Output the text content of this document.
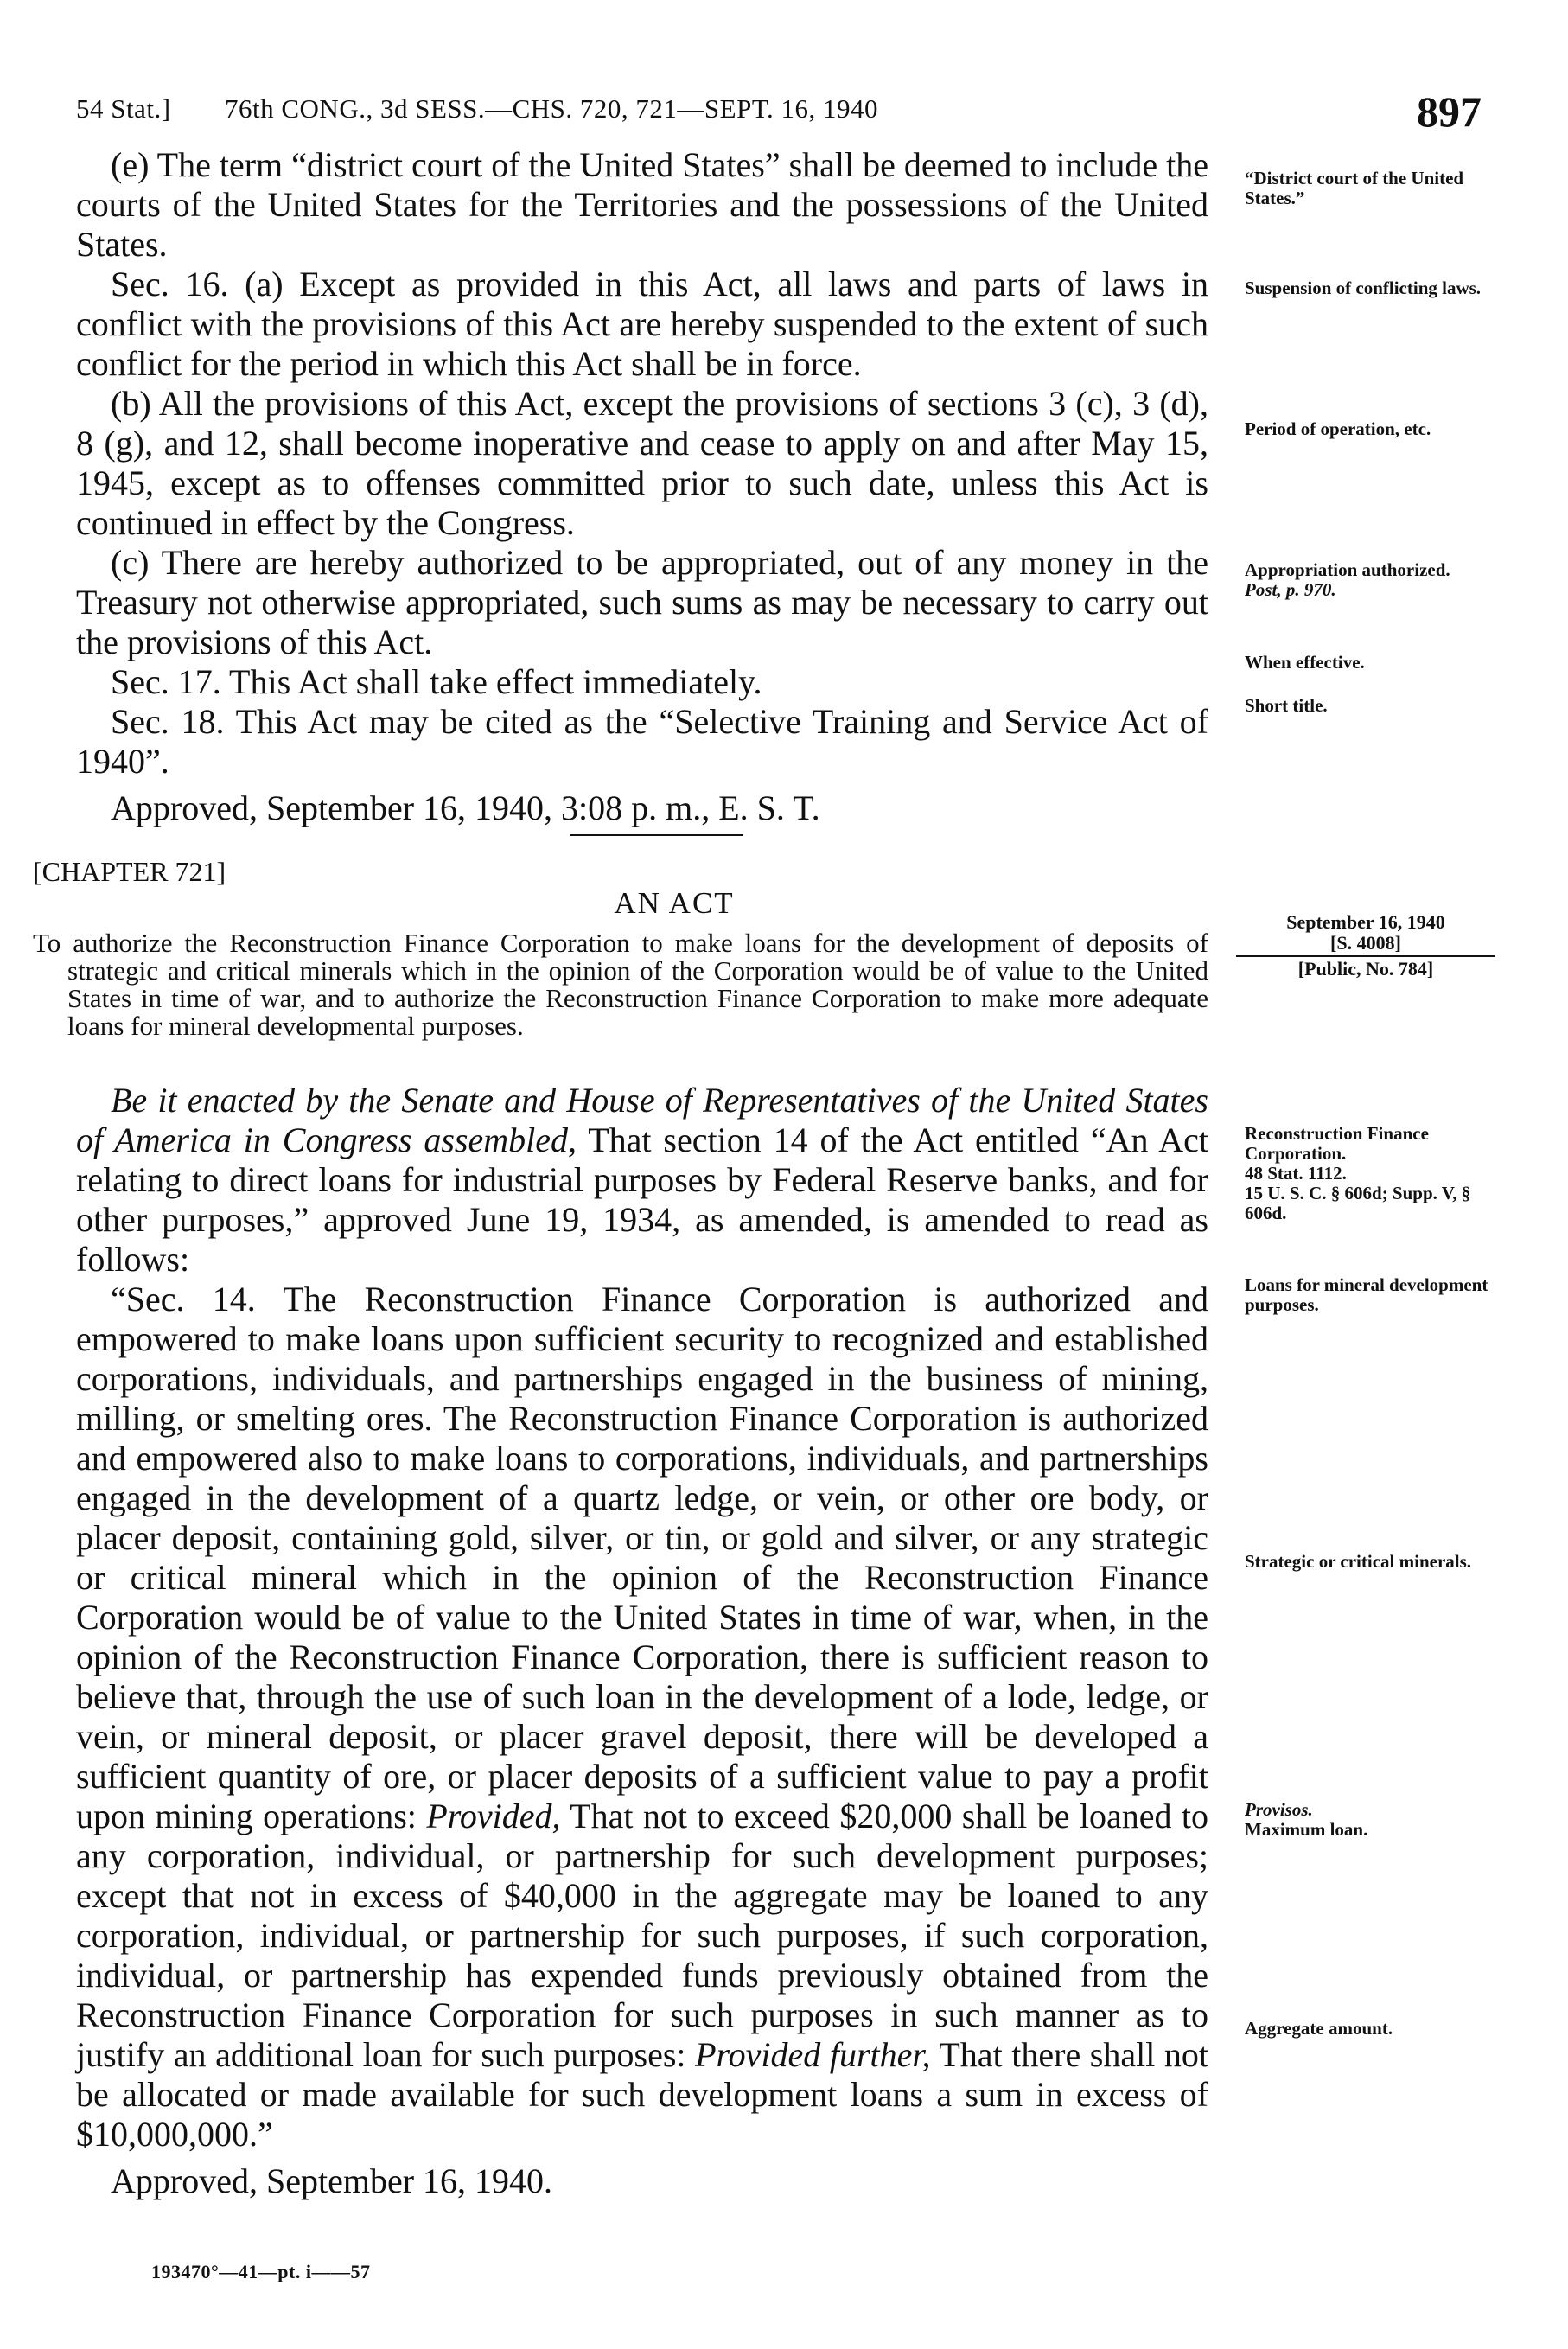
54 Stat.] 76th CONG., 3d SESS.—CHS. 720, 721—SEPT. 16, 1940	897

(e) The term “district court of the United States” shall be deemed to include the courts of the United States for the Territories and the possessions of the United States.

Sec. 16. (a) Except as provided in this Act, all laws and parts of laws in conflict with the provisions of this Act are hereby suspended to the extent of such conflict for the period in which this Act shall be in force.

(b) All the provisions of this Act, except the provisions of sections 3 (c), 3 (d), 8 (g), and 12, shall become inoperative and cease to apply on and after May 15, 1945, except as to offenses committed prior to such date, unless this Act is continued in effect by the Congress.

(c) There are hereby authorized to be appropriated, out of any money in the Treasury not otherwise appropriated, such sums as may be necessary to carry out the provisions of this Act.

Sec. 17. This Act shall take effect immediately.

Sec. 18. This Act may be cited as the “Selective Training and Service Act of 1940”.

Approved, September 16, 1940, 3:08 p. m., E. S. T.

“District court of the United States.”
Suspension of conflicting laws.
Period of operation, etc.
Appropriation authorized.
Post, p. 970.
When effective.
Short title.
[CHAPTER 721]
AN ACT

To authorize the Reconstruction Finance Corporation to make loans for the development of deposits of strategic and critical minerals which in the opinion of the Corporation would be of value to the United States in time of war, and to authorize the Reconstruction Finance Corporation to make more adequate loans for mineral developmental purposes.

September 16, 1940
[S. 4008]
[Public, No. 784]

Be it enacted by the Senate and House of Representatives of the United States of America in Congress assembled, That section 14 of the Act entitled “An Act relating to direct loans for industrial purposes by Federal Reserve banks, and for other purposes,” approved June 19, 1934, as amended, is amended to read as follows:

“Sec. 14. The Reconstruction Finance Corporation is authorized and empowered to make loans upon sufficient security to recognized and established corporations, individuals, and partnerships engaged in the business of mining, milling, or smelting ores. The Reconstruction Finance Corporation is authorized and empowered also to make loans to corporations, individuals, and partnerships engaged in the development of a quartz ledge, or vein, or other ore body, or placer deposit, containing gold, silver, or tin, or gold and silver, or any strategic or critical mineral which in the opinion of the Reconstruction Finance Corporation would be of value to the United States in time of war, when, in the opinion of the Reconstruction Finance Corporation, there is sufficient reason to believe that, through the use of such loan in the development of a lode, ledge, or vein, or mineral deposit, or placer gravel deposit, there will be developed a sufficient quantity of ore, or placer deposits of a sufficient value to pay a profit upon mining operations: Provided, That not to exceed $20,000 shall be loaned to any corporation, individual, or partnership for such development purposes; except that not in excess of $40,000 in the aggregate may be loaned to any corporation, individual, or partnership for such purposes, if such corporation, individual, or partnership has expended funds previously obtained from the Reconstruction Finance Corporation for such purposes in such manner as to justify an additional loan for such purposes: Provided further, That there shall not be allocated or made available for such development loans a sum in excess of $10,000,000.”

Approved, September 16, 1940.

Reconstruction Finance Corporation.
48 Stat. 1112.
15 U. S. C. § 606d; Supp. V, § 606d.
Loans for mineral development purposes.
Strategic or critical minerals.
Provisos.
Maximum loan.
Aggregate amount.
193470°—41—pt. i——57
